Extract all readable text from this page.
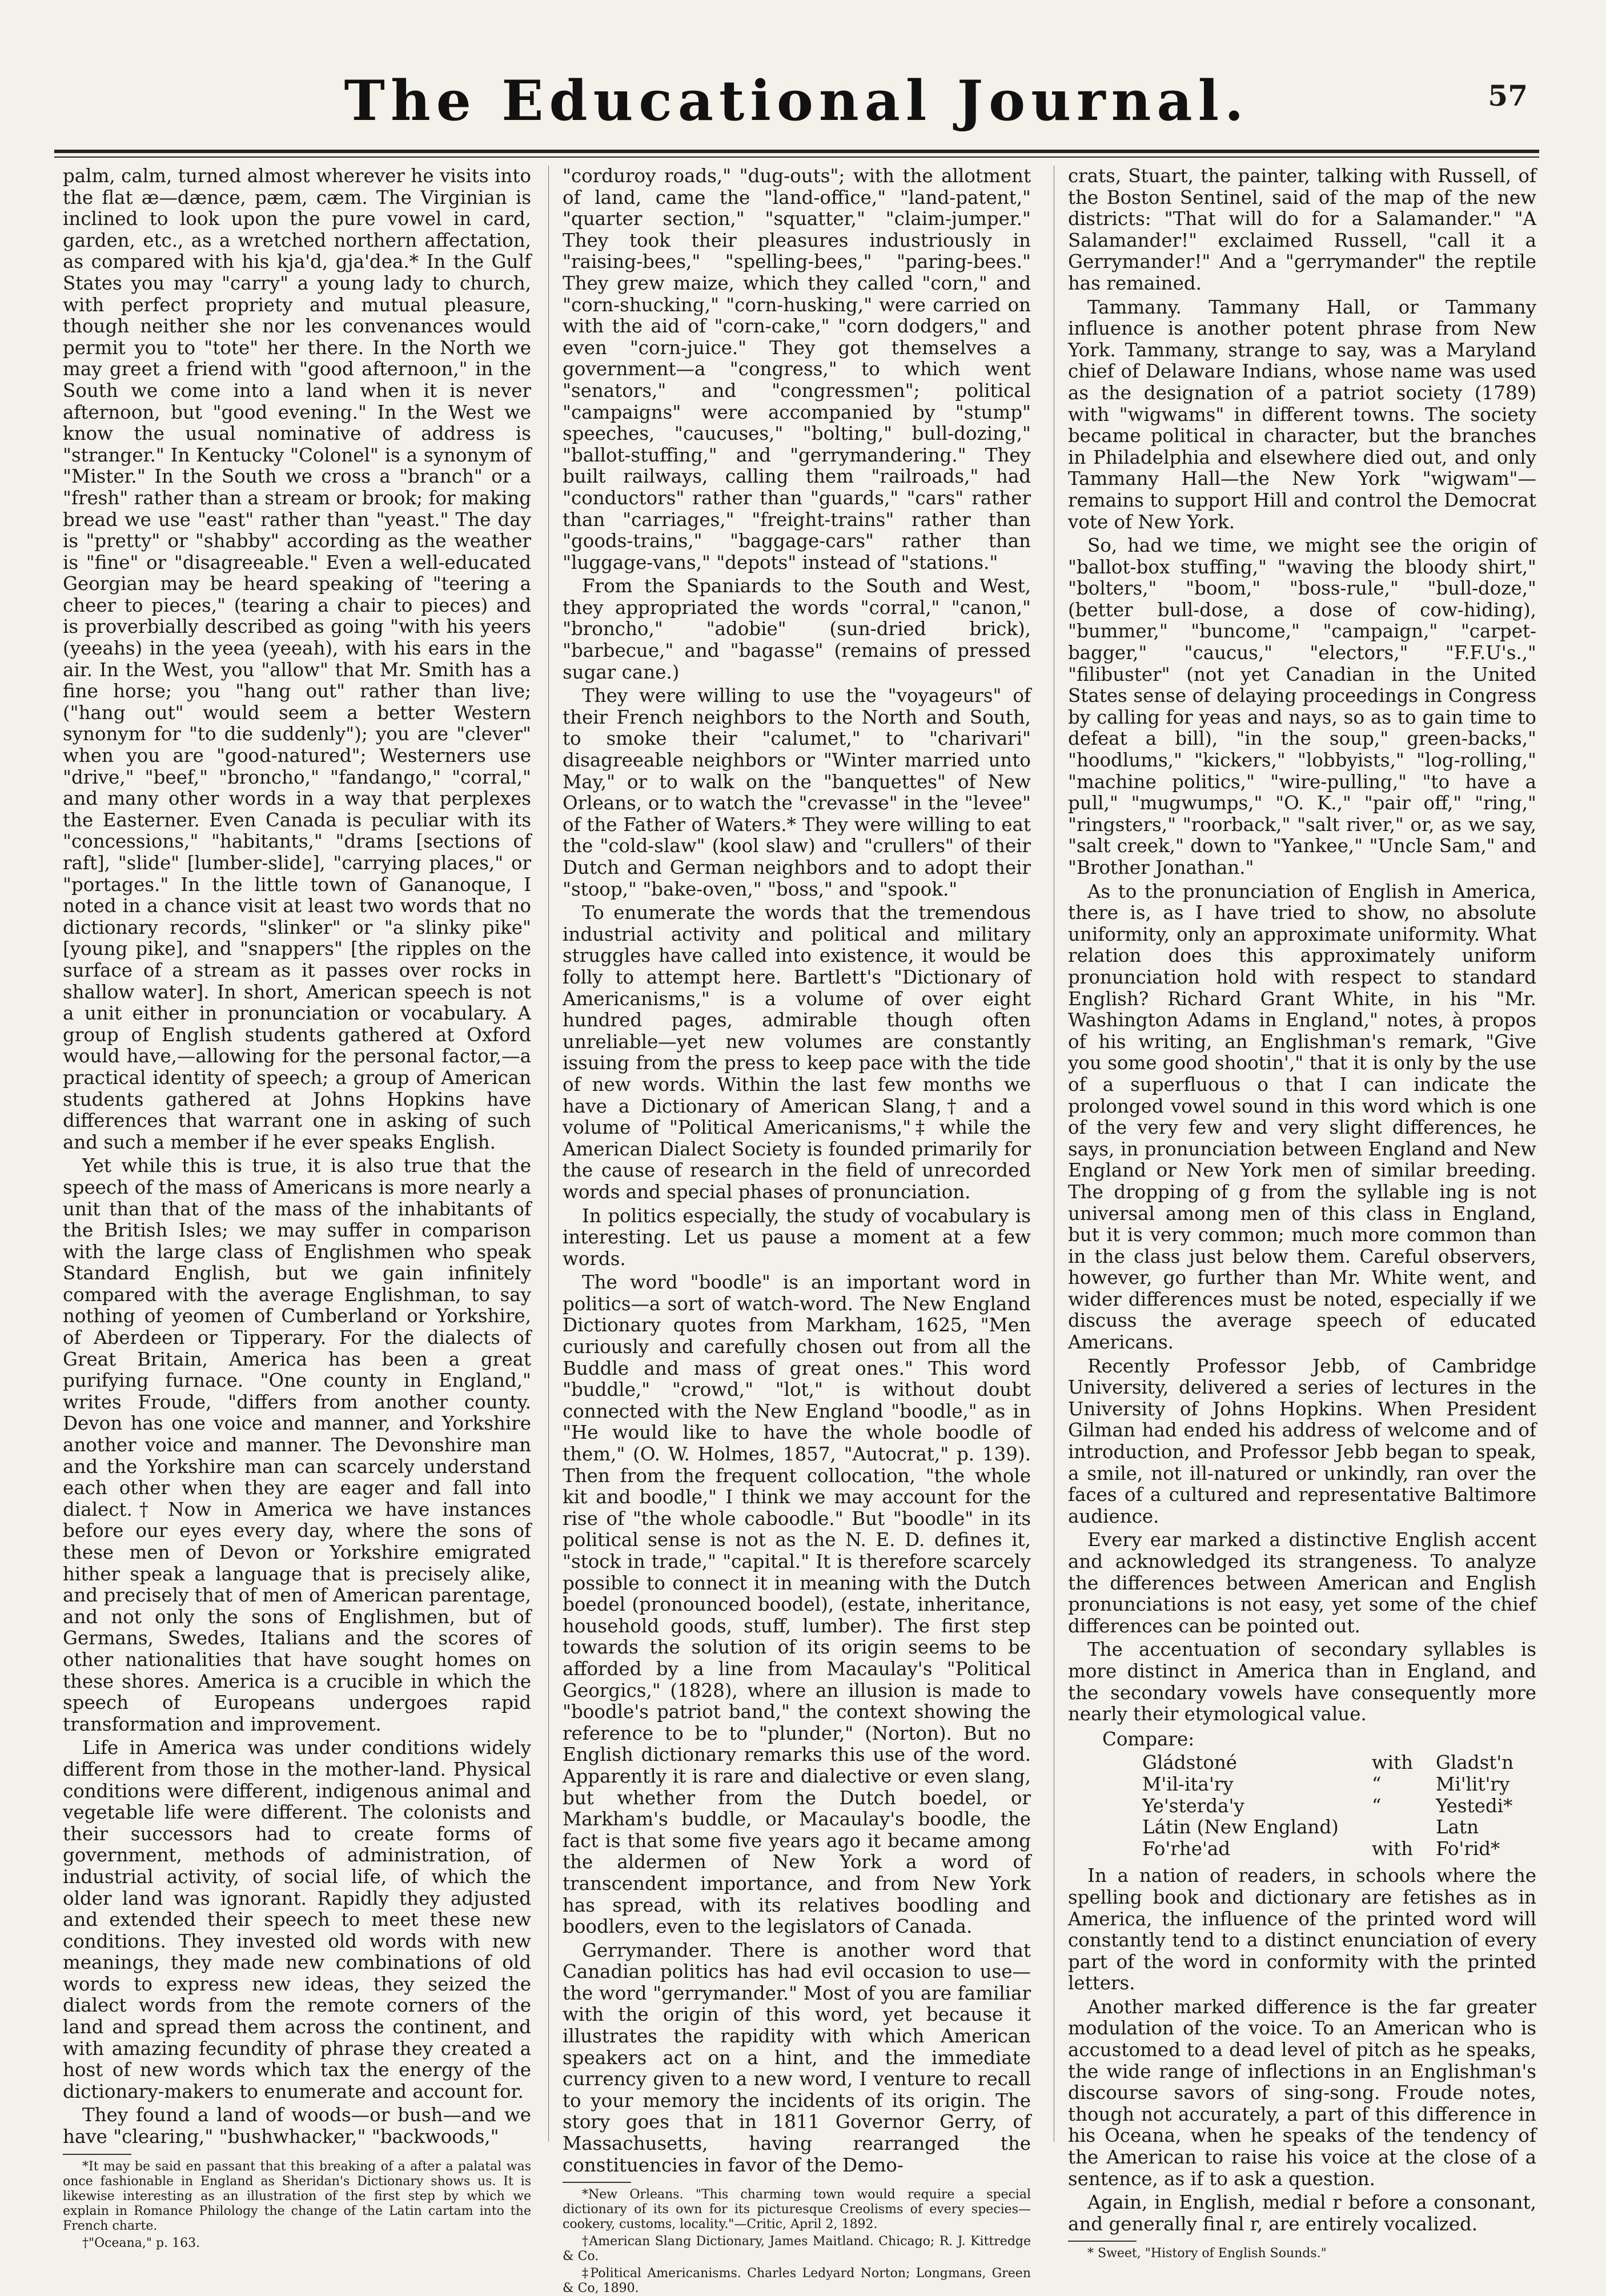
The Educational Journal.	57

palm, calm, turned almost wherever he visits into the flat æ—dænce, pæm, cæm. The Virginian is inclined to look upon the pure vowel in card, garden, etc., as a wretched northern affectation, as compared with his kja'd, gja'dea.* In the Gulf States you may "carry" a young lady to church, with perfect propriety and mutual pleasure, though neither she nor les convenances would permit you to "tote" her there. In the North we may greet a friend with "good afternoon," in the South we come into a land when it is never afternoon, but "good evening." In the West we know the usual nominative of address is "stranger." In Kentucky "Colonel" is a synonym of "Mister." In the South we cross a "branch" or a "fresh" rather than a stream or brook; for making bread we use "east" rather than "yeast." The day is "pretty" or "shabby" according as the weather is "fine" or "disagreeable." Even a well-educated Georgian may be heard speaking of "teering a cheer to pieces," (tearing a chair to pieces) and is proverbially described as going "with his yeers (yeeahs) in the yeea (yeeah), with his ears in the air. In the West, you "allow" that Mr. Smith has a fine horse; you "hang out" rather than live; ("hang out" would seem a better Western synonym for "to die suddenly"); you are "clever" when you are "good-natured"; Westerners use "drive," "beef," "broncho," "fandango," "corral," and many other words in a way that perplexes the Easterner. Even Canada is peculiar with its "concessions," "habitants," "drams [sections of raft], "slide" [lumber-slide], "carrying places," or "portages." In the little town of Gananoque, I noted in a chance visit at least two words that no dictionary records, "slinker" or "a slinky pike" [young pike], and "snappers" [the ripples on the surface of a stream as it passes over rocks in shallow water]. In short, American speech is not a unit either in pronunciation or vocabulary. A group of English students gathered at Oxford would have,—allowing for the personal factor,—a practical identity of speech; a group of American students gathered at Johns Hopkins have differences that warrant one in asking of such and such a member if he ever speaks English.

Yet while this is true, it is also true that the speech of the mass of Americans is more nearly a unit than that of the mass of the inhabitants of the British Isles; we may suffer in comparison with the large class of Englishmen who speak Standard English, but we gain infinitely compared with the average Englishman, to say nothing of yeomen of Cumberland or Yorkshire, of Aberdeen or Tipperary. For the dialects of Great Britain, America has been a great purifying furnace. "One county in England," writes Froude, "differs from another county. Devon has one voice and manner, and Yorkshire another voice and manner. The Devonshire man and the Yorkshire man can scarcely understand each other when they are eager and fall into dialect.† Now in America we have instances before our eyes every day, where the sons of these men of Devon or Yorkshire emigrated hither speak a language that is precisely alike, and precisely that of men of American parentage, and not only the sons of Englishmen, but of Germans, Swedes, Italians and the scores of other nationalities that have sought homes on these shores. America is a crucible in which the speech of Europeans undergoes rapid transformation and improvement.

Life in America was under conditions widely different from those in the mother-land. Physical conditions were different, indigenous animal and vegetable life were different. The colonists and their successors had to create forms of government, methods of administration, of industrial activity, of social life, of which the older land was ignorant. Rapidly they adjusted and extended their speech to meet these new conditions. They invested old words with new meanings, they made new combinations of old words to express new ideas, they seized the dialect words from the remote corners of the land and spread them across the continent, and with amazing fecundity of phrase they created a host of new words which tax the energy of the dictionary-makers to enumerate and account for.

They found a land of woods—or bush—and we have "clearing," "bushwhacker," "backwoods,"

*It may be said en passant that this breaking of a after a palatal was once fashionable in England as Sheridan's Dictionary shows us. It is likewise interesting as an illustration of the first step by which we explain in Romance Philology the change of the Latin cartam into the French charte.

†"Oceana," p. 163.

"corduroy roads," "dug-outs"; with the allotment of land, came the "land-office," "land-patent," "quarter section," "squatter," "claim-jumper." They took their pleasures industriously in "raising-bees," "spelling-bees," "paring-bees." They grew maize, which they called "corn," and "corn-shucking," "corn-husking," were carried on with the aid of "corn-cake," "corn dodgers," and even "corn-juice." They got themselves a government—a "congress," to which went "senators," and "congressmen"; political "campaigns" were accompanied by "stump" speeches, "caucuses," "bolting," bull-dozing," "ballot-stuffing," and "gerrymandering." They built railways, calling them "railroads," had "conductors" rather than "guards," "cars" rather than "carriages," "freight-trains" rather than "goods-trains," "baggage-cars" rather than "luggage-vans," "depots" instead of "stations."

From the Spaniards to the South and West, they appropriated the words "corral," "canon," "broncho," "adobie" (sun-dried brick), "barbecue," and "bagasse" (remains of pressed sugar cane.)

They were willing to use the "voyageurs" of their French neighbors to the North and South, to smoke their "calumet," to "charivari" disagreeable neighbors or "Winter married unto May," or to walk on the "banquettes" of New Orleans, or to watch the "crevasse" in the "levee" of the Father of Waters.* They were willing to eat the "cold-slaw" (kool slaw) and "crullers" of their Dutch and German neighbors and to adopt their "stoop," "bake-oven," "boss," and "spook."

To enumerate the words that the tremendous industrial activity and political and military struggles have called into existence, it would be folly to attempt here. Bartlett's "Dictionary of Americanisms," is a volume of over eight hundred pages, admirable though often unreliable—yet new volumes are constantly issuing from the press to keep pace with the tide of new words. Within the last few months we have a Dictionary of American Slang,† and a volume of "Political Americanisms,"‡ while the American Dialect Society is founded primarily for the cause of research in the field of unrecorded words and special phases of pronunciation.

In politics especially, the study of vocabulary is interesting. Let us pause a moment at a few words.

The word "boodle" is an important word in politics—a sort of watch-word. The New England Dictionary quotes from Markham, 1625, "Men curiously and carefully chosen out from all the Buddle and mass of great ones." This word "buddle," "crowd," "lot," is without doubt connected with the New England "boodle," as in "He would like to have the whole boodle of them," (O. W. Holmes, 1857, "Autocrat," p. 139). Then from the frequent collocation, "the whole kit and boodle," I think we may account for the rise of "the whole caboodle." But "boodle" in its political sense is not as the N. E. D. defines it, "stock in trade," "capital." It is therefore scarcely possible to connect it in meaning with the Dutch boedel (pronounced boodel), (estate, inheritance, household goods, stuff, lumber). The first step towards the solution of its origin seems to be afforded by a line from Macaulay's "Political Georgics," (1828), where an illusion is made to "boodle's patriot band," the context showing the reference to be to "plunder," (Norton). But no English dictionary remarks this use of the word. Apparently it is rare and dialective or even slang, but whether from the Dutch boedel, or Markham's buddle, or Macaulay's boodle, the fact is that some five years ago it became among the aldermen of New York a word of transcendent importance, and from New York has spread, with its relatives boodling and boodlers, even to the legislators of Canada.

Gerrymander. There is another word that Canadian politics has had evil occasion to use—the word "gerrymander." Most of you are familiar with the origin of this word, yet because it illustrates the rapidity with which American speakers act on a hint, and the immediate currency given to a new word, I venture to recall to your memory the incidents of its origin. The story goes that in 1811 Governor Gerry, of Massachusetts, having rearranged the constituencies in favor of the Demo-

*New Orleans. "This charming town would require a special dictionary of its own for its picturesque Creolisms of every species—cookery, customs, locality."—Critic, April 2, 1892.

†American Slang Dictionary, James Maitland. Chicago; R. J. Kittredge & Co.

‡Political Americanisms. Charles Ledyard Norton; Longmans, Green & Co, 1890.

crats, Stuart, the painter, talking with Russell, of the Boston Sentinel, said of the map of the new districts: "That will do for a Salamander." "A Salamander!" exclaimed Russell, "call it a Gerrymander!" And a "gerrymander" the reptile has remained.

Tammany. Tammany Hall, or Tammany influence is another potent phrase from New York. Tammany, strange to say, was a Maryland chief of Delaware Indians, whose name was used as the designation of a patriot society (1789) with "wigwams" in different towns. The society became political in character, but the branches in Philadelphia and elsewhere died out, and only Tammany Hall—the New York "wigwam"—remains to support Hill and control the Democrat vote of New York.

So, had we time, we might see the origin of "ballot-box stuffing," "waving the bloody shirt," "bolters," "boom," "boss-rule," "bull-doze," (better bull-dose, a dose of cow-hiding), "bummer," "buncome," "campaign," "carpet-bagger," "caucus," "electors," "F.F.U's.," "filibuster" (not yet Canadian in the United States sense of delaying proceedings in Congress by calling for yeas and nays, so as to gain time to defeat a bill), "in the soup," green-backs," "hoodlums," "kickers," "lobbyists," "log-rolling," "machine politics," "wire-pulling," "to have a pull," "mugwumps," "O. K.," "pair off," "ring," "ringsters," "roorback," "salt river," or, as we say, "salt creek," down to "Yankee," "Uncle Sam," and "Brother Jonathan."

As to the pronunciation of English in America, there is, as I have tried to show, no absolute uniformity, only an approximate uniformity. What relation does this approximately uniform pronunciation hold with respect to standard English? Richard Grant White, in his "Mr. Washington Adams in England," notes, à propos of his writing, an Englishman's remark, "Give you some good shootin'," that it is only by the use of a superfluous o that I can indicate the prolonged vowel sound in this word which is one of the very few and very slight differences, he says, in pronunciation between England and New England or New York men of similar breeding. The dropping of g from the syllable ing is not universal among men of this class in England, but it is very common; much more common than in the class just below them. Careful observers, however, go further than Mr. White went, and wider differences must be noted, especially if we discuss the average speech of educated Americans.

Recently Professor Jebb, of Cambridge University, delivered a series of lectures in the University of Johns Hopkins. When President Gilman had ended his address of welcome and of introduction, and Professor Jebb began to speak, a smile, not ill-natured or unkindly, ran over the faces of a cultured and representative Baltimore audience.

Every ear marked a distinctive English accent and acknowledged its strangeness. To analyze the differences between American and English pronunciations is not easy, yet some of the chief differences can be pointed out.

The accentuation of secondary syllables is more distinct in America than in England, and the secondary vowels have consequently more nearly their etymological value.

Compare:

Gládstoné	with	Gladst'n
M'il-ita'ry	“	Mi'lit'ry
Ye'sterda'y	“	Yestedi*
Látin (New England)		Latn
Fo'rhe'ad	with	Fo'rid*

In a nation of readers, in schools where the spelling book and dictionary are fetishes as in America, the influence of the printed word will constantly tend to a distinct enunciation of every part of the word in conformity with the printed letters.

Another marked difference is the far greater modulation of the voice. To an American who is accustomed to a dead level of pitch as he speaks, the wide range of inflections in an Englishman's discourse savors of sing-song. Froude notes, though not accurately, a part of this difference in his Oceana, when he speaks of the tendency of the American to raise his voice at the close of a sentence, as if to ask a question.

Again, in English, medial r before a consonant, and generally final r, are entirely vocalized.

* Sweet, "History of English Sounds."
